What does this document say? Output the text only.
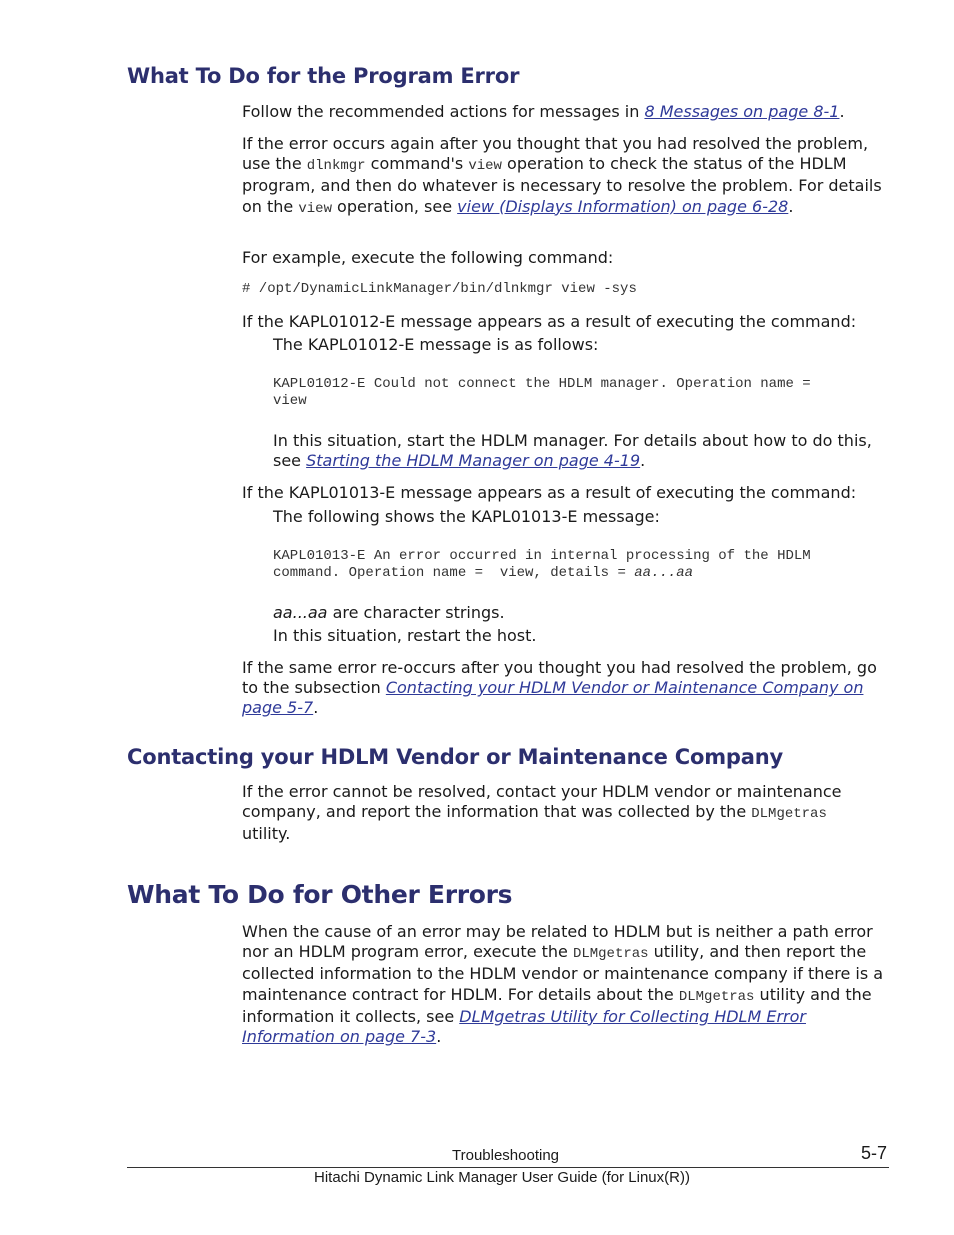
What To Do for the Program Error

Follow the recommended actions for messages in 8 Messages on page 8-1.

If the error occurs again after you thought that you had resolved the problem, use the dlnkmgr command's view operation to check the status of the HDLM program, and then do whatever is necessary to resolve the problem. For details on the view operation, see view (Displays Information) on page 6-28.

For example, execute the following command:

# /opt/DynamicLinkManager/bin/dlnkmgr view -sys

If the KAPL01012-E message appears as a result of executing the command:

The KAPL01012-E message is as follows:

KAPL01012-E Could not connect the HDLM manager. Operation name =
view

In this situation, start the HDLM manager. For details about how to do this, see Starting the HDLM Manager on page 4-19.

If the KAPL01013-E message appears as a result of executing the command:

The following shows the KAPL01013-E message:

KAPL01013-E An error occurred in internal processing of the HDLM
command. Operation name =  view, details = aa...aa

aa...aa are character strings.

In this situation, restart the host.

If the same error re-occurs after you thought you had resolved the problem, go to the subsection Contacting your HDLM Vendor or Maintenance Company on page 5-7.

Contacting your HDLM Vendor or Maintenance Company

If the error cannot be resolved, contact your HDLM vendor or maintenance company, and report the information that was collected by the DLMgetras utility.

What To Do for Other Errors

When the cause of an error may be related to HDLM but is neither a path error nor an HDLM program error, execute the DLMgetras utility, and then report the collected information to the HDLM vendor or maintenance company if there is a maintenance contract for HDLM. For details about the DLMgetras utility and the information it collects, see DLMgetras Utility for Collecting HDLM Error Information on page 7-3.

Troubleshooting	5-7
Hitachi Dynamic Link Manager User Guide (for Linux(R))
